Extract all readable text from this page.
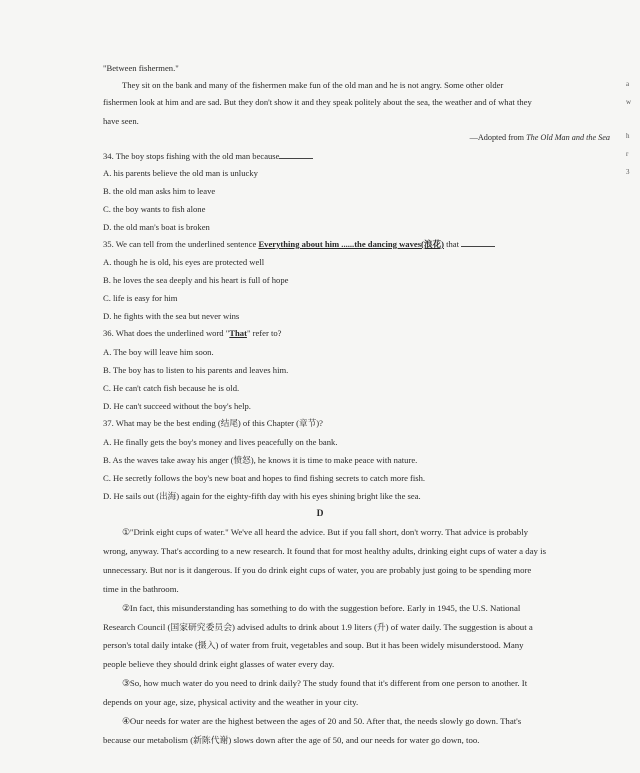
"Between fishermen."
They sit on the bank and many of the fishermen make fun of the old man and he is not angry. Some other older
fishermen look at him and are sad. But they don't show it and they speak politely about the sea, the weather and of what they
have seen.
—Adopted from The Old Man and the Sea
34. The boy stops fishing with the old man because
A. his parents believe the old man is unlucky
B. the old man asks him to leave
C. the boy wants to fish alone
D. the old man's boat is broken
35. We can tell from the underlined sentence Everything about him ......the dancing waves(浪花) that
A. though he is old, his eyes are protected well
B. he loves the sea deeply and his heart is full of hope
C. life is easy for him
D. he fights with the sea but never wins
36. What does the underlined word "That" refer to?
A. The boy will leave him soon.
B. The boy has to listen to his parents and leaves him.
C. He can't catch fish because he is old.
D. He can't succeed without the boy's help.
37. What may be the best ending (结尾) of this Chapter (章节)?
A. He finally gets the boy's money and lives peacefully on the bank.
B. As the waves take away his anger (愤怒), he knows it is time to make peace with nature.
C. He secretly follows the boy's new boat and hopes to find fishing secrets to catch more fish.
D. He sails out (出海) again for the eighty-fifth day with his eyes shining bright like the sea.
D
①"Drink eight cups of water." We've all heard the advice. But if you fall short, don't worry. That advice is probably
wrong, anyway. That's according to a new research. It found that for most healthy adults, drinking eight cups of water a day is
unnecessary. But nor is it dangerous. If you do drink eight cups of water, you are probably just going to be spending more
time in the bathroom.
②In fact, this misunderstanding has something to do with the suggestion before. Early in 1945, the U.S. National
Research Council (国家研究委员会) advised adults to drink about 1.9 liters (升) of water daily. The suggestion is about a
person's total daily intake (摄入) of water from fruit, vegetables and soup. But it has been widely misunderstood. Many
people believe they should drink eight glasses of water every day.
③So, how much water do you need to drink daily? The study found that it's different from one person to another. It
depends on your age, size, physical activity and the weather in your city.
④Our needs for water are the highest between the ages of 20 and 50. After that, the needs slowly go down. That's
because our metabolism (新陈代谢) slows down after the age of 50, and our needs for water go down, too.
a
w
h
r
3
